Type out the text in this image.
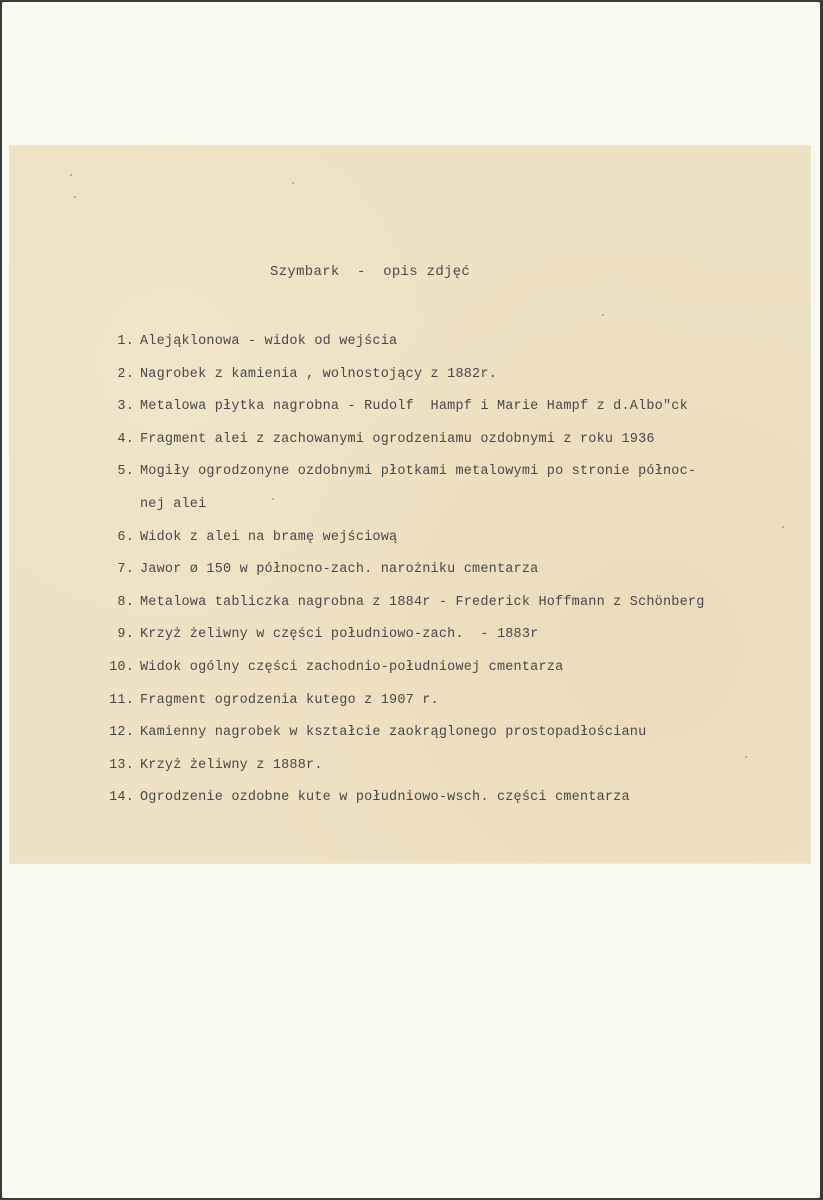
Szymbark  -  opis zdjęć
1. Alejąklonowa - widok od wejścia
2. Nagrobek z kamienia , wolnostojący z 1882r.
3. Metalowa płytka nagrobna - Rudolf  Hampf i Marie Hampf z d.Albo"ck
4. Fragment alei z zachowanymi ogrodzeniamu ozdobnymi z roku 1936
5. Mogiły ogrodzonyne ozdobnymi płotkami metalowymi po stronie północ-
nej alei
6. Widok z alei na bramę wejściową
7. Jawor ø 150 w północno-zach. narożniku cmentarza
8. Metalowa tabliczka nagrobna z 1884r - Frederick Hoffmann z Schönberg
9. Krzyż żeliwny w części południowo-zach.  - 1883r
10. Widok ogólny części zachodnio-południowej cmentarza
11. Fragment ogrodzenia kutego z 1907 r.
12. Kamienny nagrobek w kształcie zaokrąglonego prostopadłościanu
13. Krzyż żeliwny z 1888r.
14. Ogrodzenie ozdobne kute w południowo-wsch. części cmentarza
